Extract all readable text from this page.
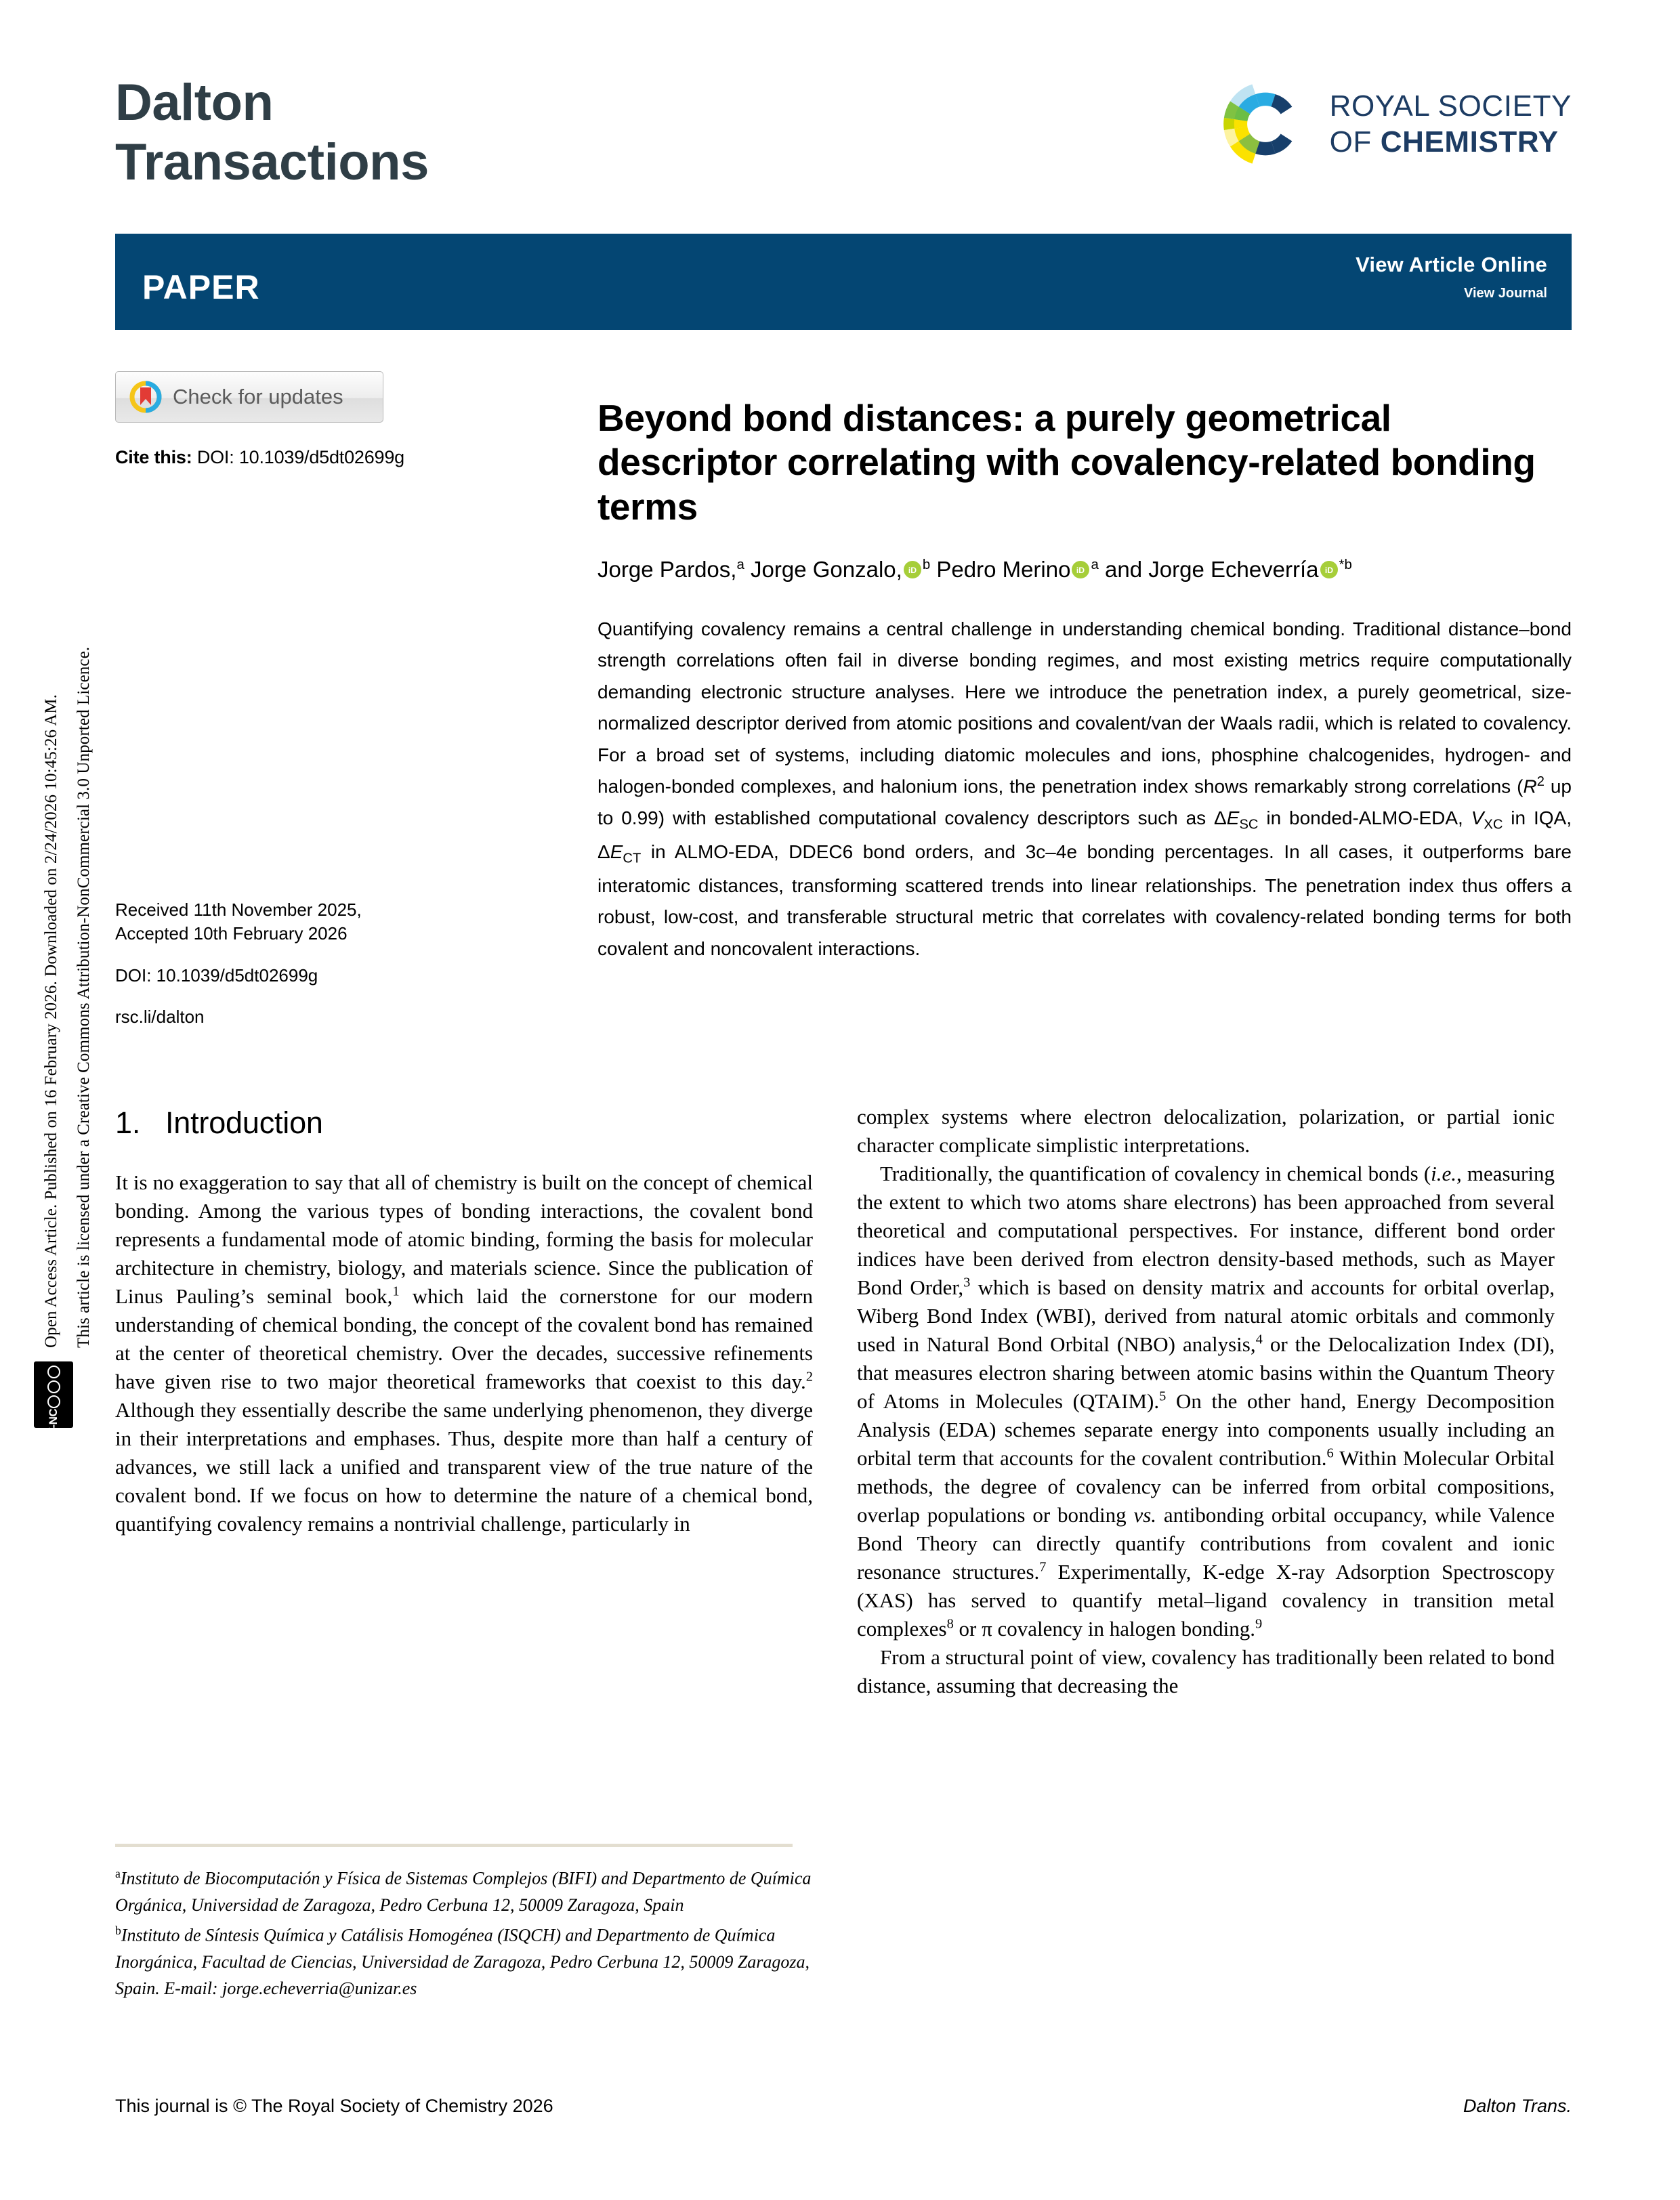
Open Access Article. Published on 16 February 2026. Downloaded on 2/24/2026 10:45:26 AM. This article is licensed under a Creative Commons Attribution-NonCommercial 3.0 Unported Licence.
BY-NC
Dalton
Transactions
ROYAL SOCIETY
OF CHEMISTRY
PAPER
View Article Online
View Journal
Check for updates
Cite this: DOI: 10.1039/d5dt02699g
Received 11th November 2025,
Accepted 10th February 2026
DOI: 10.1039/d5dt02699g
rsc.li/dalton
Beyond bond distances: a purely geometrical descriptor correlating with covalency-related bonding terms
Jorge Pardos,$^a$ Jorge Gonzalo, iD $^b$ Pedro Merino iD $^a$ and Jorge Echeverría iD $^{*b}$
Quantifying covalency remains a central challenge in understanding chemical bonding. Traditional distance–bond strength correlations often fail in diverse bonding regimes, and most existing metrics require computationally demanding electronic structure analyses. Here we introduce the penetration index, a purely geometrical, size-normalized descriptor derived from atomic positions and covalent/van der Waals radii, which is related to covalency. For a broad set of systems, including diatomic molecules and ions, phosphine chalcogenides, hydrogen- and halogen-bonded complexes, and halonium ions, the penetration index shows remarkably strong correlations ($R^2$ up to 0.99) with established computational covalency descriptors such as $\Delta E_{SC}$ in bonded-ALMO-EDA, $V_{XC}$ in IQA, $\Delta E_{CT}$ in ALMO-EDA, DDEC6 bond orders, and 3c–4e bonding percentages. In all cases, it outperforms bare interatomic distances, transforming scattered trends into linear relationships. The penetration index thus offers a robust, low-cost, and transferable structural metric that correlates with covalency-related bonding terms for both covalent and noncovalent interactions.
1. Introduction

It is no exaggeration to say that all of chemistry is built on the concept of chemical bonding. Among the various types of bonding interactions, the covalent bond represents a fundamental mode of atomic binding, forming the basis for molecular architecture in chemistry, biology, and materials science. Since the publication of Linus Pauling’s seminal book,$^1$ which laid the cornerstone for our modern understanding of chemical bonding, the concept of the covalent bond has remained at the center of theoretical chemistry. Over the decades, successive refinements have given rise to two major theoretical frameworks that coexist to this day.$^2$ Although they essentially describe the same underlying phenomenon, they diverge in their interpretations and emphases. Thus, despite more than half a century of advances, we still lack a unified and transparent view of the true nature of the covalent bond. If we focus on how to determine the nature of a chemical bond, quantifying covalency remains a nontrivial challenge, particularly in

complex systems where electron delocalization, polarization, or partial ionic character complicate simplistic interpretations.

Traditionally, the quantification of covalency in chemical bonds (i.e., measuring the extent to which two atoms share electrons) has been approached from several theoretical and computational perspectives. For instance, different bond order indices have been derived from electron density-based methods, such as Mayer Bond Order,$^3$ which is based on density matrix and accounts for orbital overlap, Wiberg Bond Index (WBI), derived from natural atomic orbitals and commonly used in Natural Bond Orbital (NBO) analysis,$^4$ or the Delocalization Index (DI), that measures electron sharing between atomic basins within the Quantum Theory of Atoms in Molecules (QTAIM).$^5$ On the other hand, Energy Decomposition Analysis (EDA) schemes separate energy into components usually including an orbital term that accounts for the covalent contribution.$^6$ Within Molecular Orbital methods, the degree of covalency can be inferred from orbital compositions, overlap populations or bonding vs. antibonding orbital occupancy, while Valence Bond Theory can directly quantify contributions from covalent and ionic resonance structures.$^7$ Experimentally, K-edge X-ray Adsorption Spectroscopy (XAS) has served to quantify metal–ligand covalency in transition metal complexes$^8$ or π covalency in halogen bonding.$^9$

From a structural point of view, covalency has traditionally been related to bond distance, assuming that decreasing the

$^a$Instituto de Biocomputación y Física de Sistemas Complejos (BIFI) and Departmento de Química Orgánica, Universidad de Zaragoza, Pedro Cerbuna 12, 50009 Zaragoza, Spain

$^b$Instituto de Síntesis Química y Catálisis Homogénea (ISQCH) and Departmento de Química Inorgánica, Facultad de Ciencias, Universidad de Zaragoza, Pedro Cerbuna 12, 50009 Zaragoza, Spain. E-mail: jorge.echeverria@unizar.es

This journal is © The Royal Society of Chemistry 2026	Dalton Trans.
